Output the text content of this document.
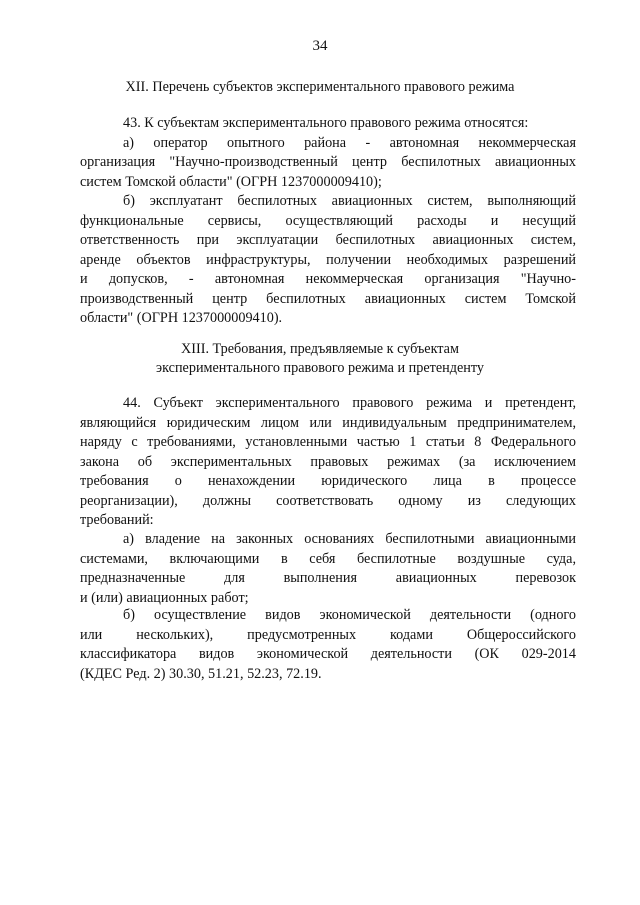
34
XII. Перечень субъектов экспериментального правового режима
43. К субъектам экспериментального правового режима относятся:
а) оператор опытного района - автономная некоммерческая
организация "Научно-производственный центр беспилотных авиационных
систем Томской области" (ОГРН 1237000009410);
б) эксплуатант беспилотных авиационных систем, выполняющий
функциональные сервисы, осуществляющий расходы и несущий
ответственность при эксплуатации беспилотных авиационных систем,
аренде объектов инфраструктуры, получении необходимых разрешений
и допусков, - автономная некоммерческая организация "Научно-
производственный центр беспилотных авиационных систем Томской
области" (ОГРН 1237000009410).
XIII. Требования, предъявляемые к субъектам
экспериментального правового режима и претенденту
44. Субъект экспериментального правового режима и претендент,
являющийся юридическим лицом или индивидуальным предпринимателем,
наряду с требованиями, установленными частью 1 статьи 8 Федерального
закона об экспериментальных правовых режимах (за исключением
требования о ненахождении юридического лица в процессе
реорганизации), должны соответствовать одному из следующих
требований:
а) владение на законных основаниях беспилотными авиационными
системами, включающими в себя беспилотные воздушные суда,
предназначенные для выполнения авиационных перевозок
и (или) авиационных работ;
б) осуществление видов экономической деятельности (одного
или нескольких), предусмотренных кодами Общероссийского
классификатора видов экономической деятельности (ОК 029-2014
(КДЕС Ред. 2) 30.30, 51.21, 52.23, 72.19.
